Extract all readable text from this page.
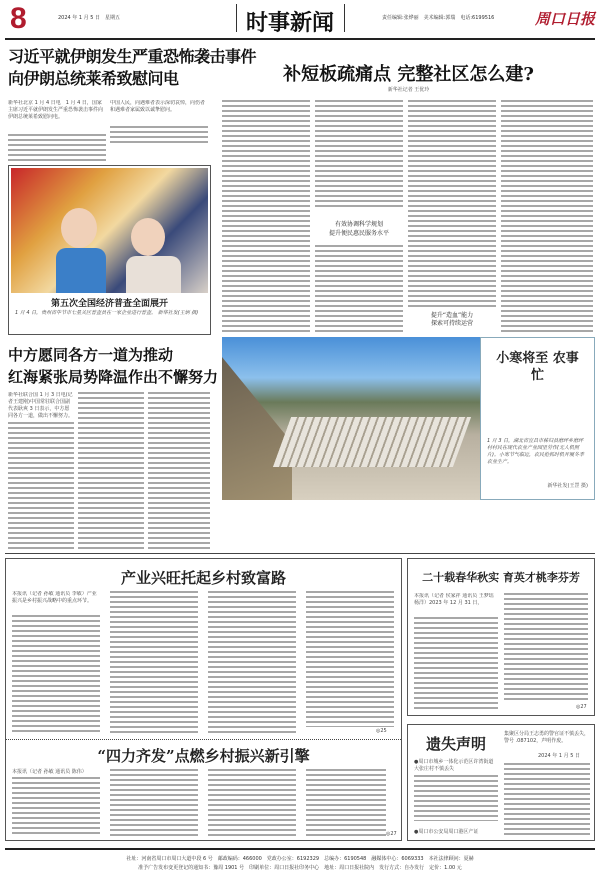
8	2024 年 1 月 5 日　星期五	时事新闻	责任编辑:张烨丽　美术编辑:郭瑞　电话:6199516	周口日报
习近平就伊朗发生严重恐怖袭击事件
向伊朗总统莱希致慰问电
新华社北京 1 月 4 日电　1 月 4 日，国家主席习近平就伊朗发生严重恐怖袭击事件向伊朗总统莱希致慰问电。
中国人民，向遇难者表示深切哀悼，向伤者和遇难者家属致以诚挚慰问。
第五次全国经济普查全面展开
1 月 4 日，贵州省毕节市七星关区普查员在一家企业进行普查。 新华社发(王炳 摄)
中方愿同各方一道为推动
红海紧张局势降温作出不懈努力
新华社联合国 1 月 3 日电(记者王建刚)中国常驻联合国副代表耿爽 3 日表示，中方愿同各方一道，做出不懈努力。
补短板疏痛点 完整社区怎么建?
新华社记者 王优玲
有效协调科学规划
提升便民惠民服务水平
提升“造血”能力
探索可持续运营
小寒将至 农事忙
1 月 3 日，湖北省宜昌市秭归县磨坪乡磨坪村村民在现代农业产业园里劳作(无人机照片)。小寒节气临近，农民抢抓时机开展冬季农业生产。
新华社发(王罡 摄)
产业兴旺托起乡村致富路
本报讯（记者 孙敏 通讯员 李敏）产业振兴是乡村振兴战略中的重点环节。
◎25
“四力齐发”点燃乡村振兴新引擎
本报讯（记者 孙敏 通讯员 陈伟）
◎27
二十载春华秋实 育英才桃李芬芳
本报讯（记者 侯家祥 通讯员 王梦瑶 杨洋）2023 年 12 月 31 日，
◎27
遗失声明
●周口市城乡一体化示范区许湾街道大张庄村不慎丢失
●周口市公安局周口港区产证
集聚区分局王志勇的警官证不慎丢失，警号 .087102，声明作废。
2024 年 1 月 5 日
社址：河南省周口市周口大道中段 6 号　邮政编码：466000　党政办公室：6192329　总编办：6190548　融媒体中心：6069333　本社法律顾问：夏赫
准予广告发布变更登记的通知书：豫周 1901 号　印刷单位：周口日报社印务中心　地址：周口日报社院内　发行方式：自办发行　定价：1.00 元
